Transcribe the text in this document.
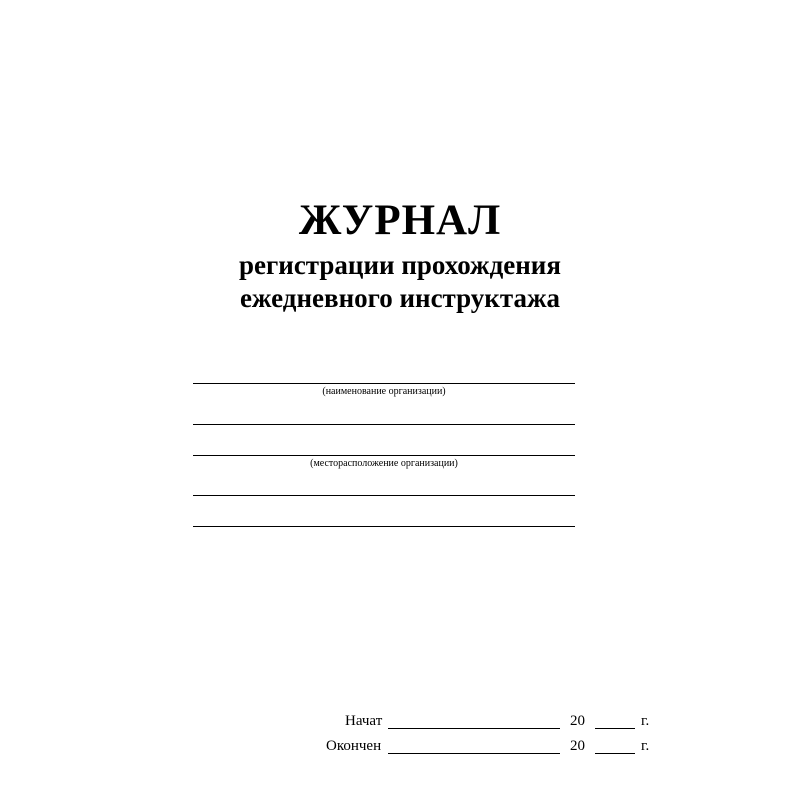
ЖУРНАЛ
регистрации прохождения
ежедневного инструктажа
(наименование организации)
(месторасположение организации)
Начат	20	г.
Окончен	20	г.
